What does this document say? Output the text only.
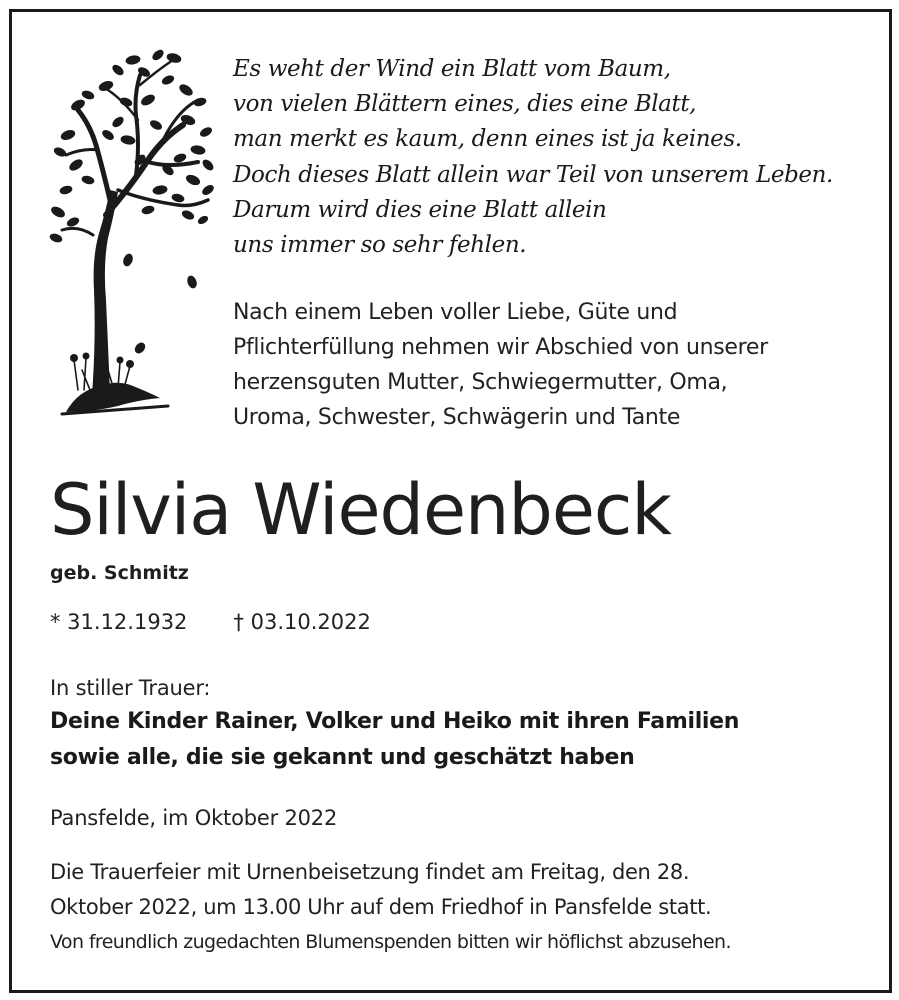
Es weht der Wind ein Blatt vom Baum,
von vielen Blättern eines, dies eine Blatt,
man merkt es kaum, denn eines ist ja keines.
Doch dieses Blatt allein war Teil von unserem Leben.
Darum wird dies eine Blatt allein
uns immer so sehr fehlen.
Nach einem Leben voller Liebe, Güte und
Pflichterfüllung nehmen wir Abschied von unserer
herzensguten Mutter, Schwiegermutter, Oma,
Uroma, Schwester, Schwägerin und Tante
Silvia Wiedenbeck
geb. Schmitz
* 31.12.1932 † 03.10.2022
In stiller Trauer:
Deine Kinder Rainer, Volker und Heiko mit ihren Familien
sowie alle, die sie gekannt und geschätzt haben
Pansfelde, im Oktober 2022
Die Trauerfeier mit Urnenbeisetzung findet am Freitag, den 28.
Oktober 2022, um 13.00 Uhr auf dem Friedhof in Pansfelde statt.
Von freundlich zugedachten Blumenspenden bitten wir höflichst abzusehen.
